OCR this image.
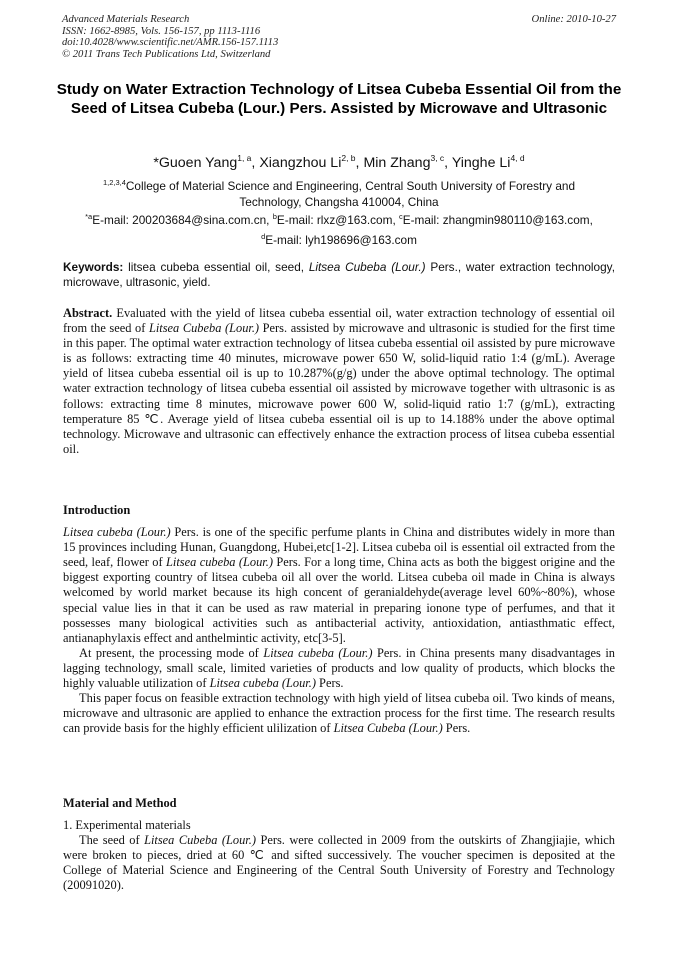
Advanced Materials Research
ISSN: 1662-8985, Vols. 156-157, pp 1113-1116
doi:10.4028/www.scientific.net/AMR.156-157.1113
© 2011 Trans Tech Publications Ltd, Switzerland
Online: 2010-10-27
Study on Water Extraction Technology of Litsea Cubeba Essential Oil from the Seed of Litsea Cubeba (Lour.) Pers. Assisted by Microwave and Ultrasonic
*Guoen Yang$^{1, a}$, Xiangzhou Li$^{2, b}$, Min Zhang$^{3, c}$, Yinghe Li$^{4, d}$
$^{1,2,3,4}$College of Material Science and Engineering, Central South University of Forestry and
Technology, Changsha 410004, China
$^{*a}$E-mail: 200203684@sina.com.cn, $^b$E-mail: rlxz@163.com, $^c$E-mail: zhangmin980110@163.com,
$^d$E-mail: lyh198696@163.com
Keywords: litsea cubeba essential oil, seed, Litsea Cubeba (Lour.) Pers., water extraction technology, microwave, ultrasonic, yield.

Abstract. Evaluated with the yield of litsea cubeba essential oil, water extraction technology of essential oil from the seed of Litsea Cubeba (Lour.) Pers. assisted by microwave and ultrasonic is studied for the first time in this paper. The optimal water extraction technology of litsea cubeba essential oil assisted by pure microwave is as follows: extracting time 40 minutes, microwave power 650 W, solid-liquid ratio 1:4 (g/mL). Average yield of litsea cubeba essential oil is up to 10.287%(g/g) under the above optimal technology. The optimal water extraction technology of litsea cubeba essential oil assisted by microwave together with ultrasonic is as follows: extracting time 8 minutes, microwave power 600 W, solid-liquid ratio 1:7 (g/mL), extracting temperature 85 ℃. Average yield of litsea cubeba essential oil is up to 14.188% under the above optimal technology. Microwave and ultrasonic can effectively enhance the extraction process of litsea cubeba essential oil.

Introduction

Litsea cubeba (Lour.) Pers. is one of the specific perfume plants in China and distributes widely in more than 15 provinces including Hunan, Guangdong, Hubei,etc[1-2]. Litsea cubeba oil is essential oil extracted from the seed, leaf, flower of Litsea cubeba (Lour.) Pers. For a long time, China acts as both the biggest origine and the biggest exporting country of litsea cubeba oil all over the world. Litsea cubeba oil made in China is always welcomed by world market because its high concent of geranialdehyde(average level 60%~80%), whose special value lies in that it can be used as raw material in preparing ionone type of perfumes, and that it possesses many biological activities such as antibacterial activity, antioxidation, antiasthmatic effect, antianaphylaxis effect and anthelmintic activity, etc[3-5].

At present, the processing mode of Litsea cubeba (Lour.) Pers. in China presents many disadvantages in lagging technology, small scale, limited varieties of products and low quality of products, which blocks the highly valuable utilization of Litsea cubeba (Lour.) Pers.

This paper focus on feasible extraction technology with high yield of litsea cubeba oil. Two kinds of means, microwave and ultrasonic are applied to enhance the extraction process for the first time. The research results can provide basis for the highly efficient ulilization of Litsea Cubeba (Lour.) Pers.

Material and Method

1. Experimental materials

The seed of Litsea Cubeba (Lour.) Pers. were collected in 2009 from the outskirts of Zhangjiajie, which were broken to pieces, dried at 60 ℃ and sifted successively. The voucher specimen is deposited at the College of Material Science and Engineering of the Central South University of Forestry and Technology (20091020).
